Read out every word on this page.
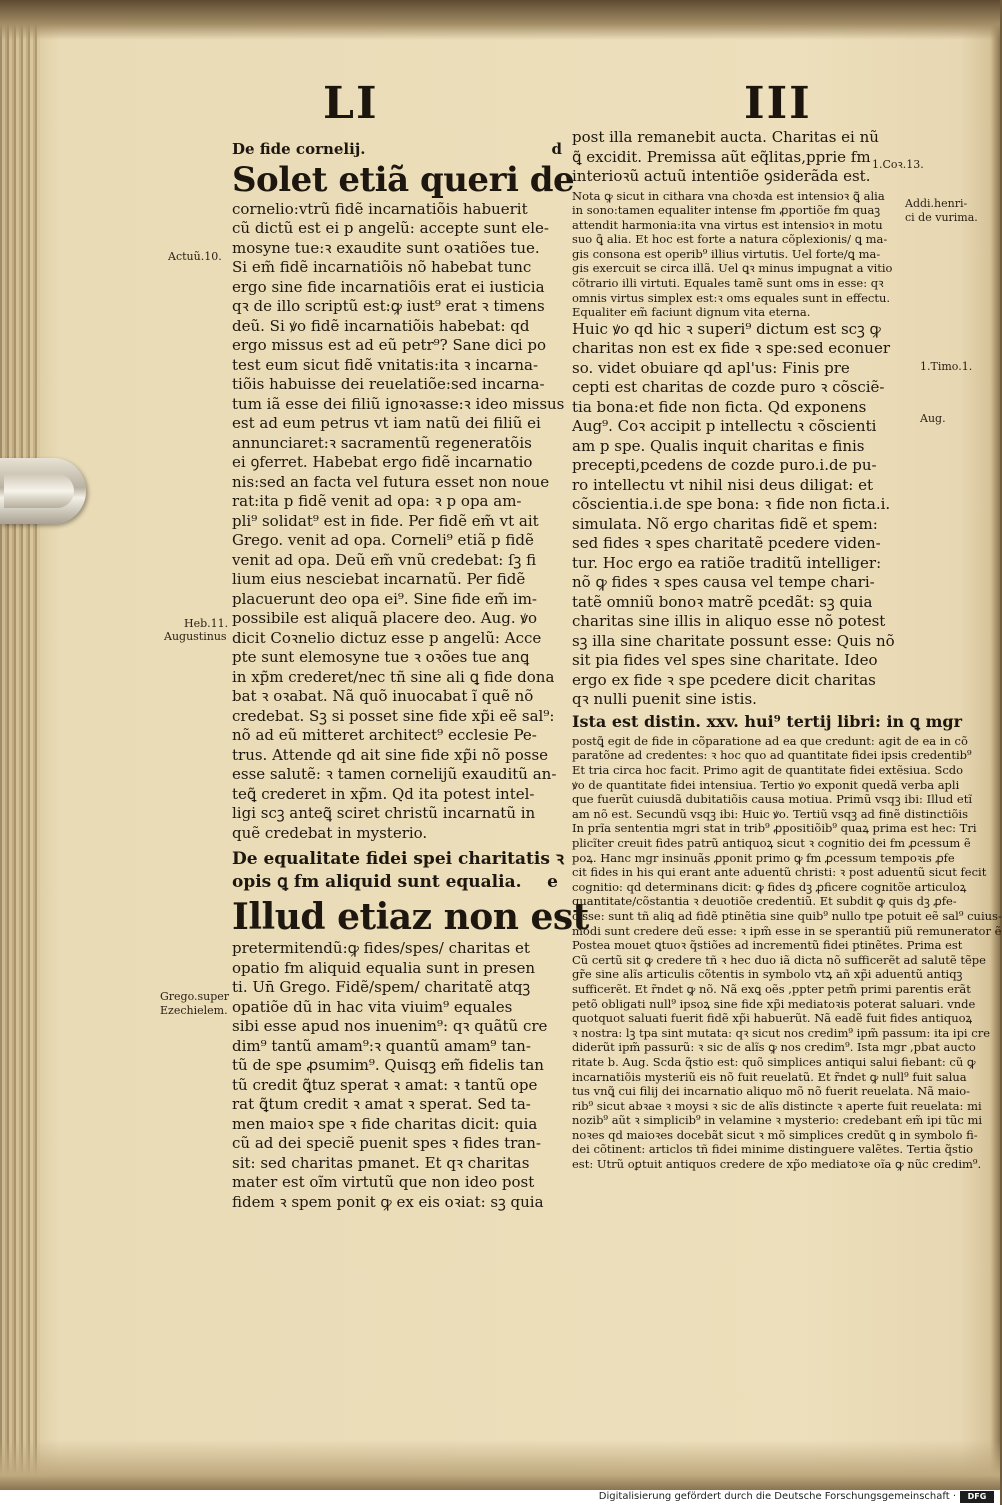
LI	III
De fide cornelij.	d
Solet etiã queri de
cornelio:vtrũ fidẽ incarnatiõis habuerit
cũ dictũ est ei p angelũ: accepte sunt ele-
mosyne tue:ꝛ exaudite sunt oꝛatiões tue.
Si em̃ fidẽ incarnatiõis nõ habebat tunc
ergo sine fide incarnatiõis erat ei iusticia
qꝛ de illo scriptũ est:ꝙ iust⁹ erat ꝛ timens
deũ. Si ꝟo fidẽ incarnatiõis habebat: qd
ergo missus est ad eũ petr⁹? Sane dici po
test eum sicut fidẽ vnitatis:ita ꝛ incarna-
tiõis habuisse dei reuelatiõe:sed incarna-
tum iã esse dei filiũ ignoꝛasse:ꝛ ideo missus
est ad eum petrus vt iam natũ dei filiũ ei
annunciaret:ꝛ sacramentũ regeneratõis
ei ꝯferret. Habebat ergo fidẽ incarnatio
nis:sed an facta vel futura esset non noue
rat:ita p fidẽ venit ad opa: ꝛ p opa am-
pli⁹ solidat⁹ est in fide. Per fidẽ em̃ vt ait
Grego. venit ad opa. Corneli⁹ etiã p fidẽ
venit ad opa. Deũ em̃ vnũ credebat: ſꝫ fi
lium eius nesciebat incarnatũ. Per fidẽ
placuerunt deo opa ei⁹. Sine fide em̃ im-
possibile est aliquã placere deo. Aug. ꝟo
dicit Coꝛnelio dictuz esse p angelũ: Acce
pte sunt elemosyne tue ꝛ oꝛões tue anꝗ
in xp̃m crederet/nec tñ sine ali ꝗ fide dona
bat ꝛ oꝛabat. Nã quõ inuocabat ĩ quẽ nõ
credebat. Sꝫ si posset sine fide xp̃i eẽ sal⁹:
nõ ad eũ mitteret architect⁹ ecclesie Pe-
trus. Attende qd ait sine fide xp̃i nõ posse
esse salutẽ: ꝛ tamen cornelijũ exauditũ an-
teꝗ̃ crederet in xp̃m. Qd ita potest intel-
ligi scꝫ anteꝗ̃ sciret christũ incarnatũ in
quẽ credebat in mysterio.
De equalitate fidei spei charitatis ꝛ
opis ꝗ fm aliquid sunt equalia. e
Illud etiaz non est
pretermitendũ:ꝙ fides/spes/ charitas et
opatio fm aliquid equalia sunt in presen
ti. Un̄ Grego. Fidẽ/spem/ charitatẽ atqꝫ
opatiõe dũ in hac vita viuim⁹ equales
sibi esse apud nos inuenim⁹: qꝛ quãtũ cre
dim⁹ tantũ amam⁹:ꝛ quantũ amam⁹ tan-
tũ de spe ꝓsumim⁹. Quisqꝫ em̃ fidelis tan
tũ credit ꝗ̃tuz sperat ꝛ amat: ꝛ tantũ ope
rat ꝗ̃tum credit ꝛ amat ꝛ sperat. Sed ta-
men maioꝛ spe ꝛ fide charitas dicit: quia
cũ ad dei speciẽ puenit spes ꝛ fides tran-
sit: sed charitas pmanet. Et qꝛ charitas
mater est oĩm virtutũ que non ideo post
fidem ꝛ spem ponit ꝙ ex eis oꝛiat: sꝫ quia
post illa remanebit aucta. Charitas ei nũ
ꝗ̃ excidit. Premissa aũt eq̃litas,pprie fm
interioꝛũ actuũ intentiõe ꝯsiderãda est.
Nota ꝙ sicut in cithara vna choꝛda est intensioꝛ ꝗ̃ alia
in sono:tamen equaliter intense fm ꝓportiõe fm quaꝫ
attendit harmonia:ita vna virtus est intensioꝛ in motu
suo ꝗ̃ alia. Et hoc est forte a natura cõplexionis/ ꝗ ma-
gis consona est operib⁹ illius virtutis. Uel forte/ꝗ ma-
gis exercuit se circa illã. Uel ꝗꝛ minus impugnat a vitio
cõtrario illi virtuti. Equales tamẽ sunt oms in esse: qꝛ
omnis virtus simplex est:ꝛ oms equales sunt in effectu.
Equaliter em̃ faciunt dignum vita eterna.
Huic ꝟo qd hic ꝛ superi⁹ dictum est scꝫ ꝙ
charitas non est ex fide ꝛ spe:sed econuer
so. videt obuiare qd apl'us: Finis pre
cepti est charitas de cozde puro ꝛ cõsciẽ-
tia bona:et fide non ficta. Qd exponens
Aug⁹. Coꝛ accipit p intellectu ꝛ cõscienti
am p spe. Qualis inquit charitas e finis
precepti,pcedens de cozde puro.i.de pu-
ro intellectu vt nihil nisi deus diligat: et
cõscientia.i.de spe bona: ꝛ fide non ficta.i.
simulata. Nõ ergo charitas fidẽ et spem:
sed fides ꝛ spes charitatẽ pcedere viden-
tur. Hoc ergo ea ratiõe traditũ intelliger:
nõ ꝙ fides ꝛ spes causa vel tempe chari-
tatẽ omniũ bonoꝛ matrẽ pcedãt: sꝫ quia
charitas sine illis in aliquo esse nõ potest
sꝫ illa sine charitate possunt esse: Quis nõ
sit pia fides vel spes sine charitate. Ideo
ergo ex fide ꝛ spe pcedere dicit charitas
qꝛ nulli puenit sine istis.
Ista est distin. xxv. hui⁹ tertij libri: in ꝗ mgr
postꝗ̃ egit de fide in cõparatione ad ea que credunt: agit de ea in cõ
paratõne ad credentes: ꝛ hoc quo ad quantitate fidei ipsis credentib⁹
Et tria circa hoc facit. Primo agit de quantitate fidei extẽsiua. Scdo
ꝟo de quantitate fidei intensiua. Tertio ꝟo exponit quedã verba apli
que fuerũt cuiusdã dubitatiõis causa motiua. Primũ vsqꝫ ibi: Illud etĩ
am nõ est. Secundũ vsqꝫ ibi: Huic ꝟo. Tertiũ vsqꝫ ad finẽ distinctiõis
In prĩa sententia mgri stat in trib⁹ ꝓpositiõib⁹ quaꝝ prima est hec: Tri
plicĩter creuit fides patrũ antiquoꝝ sicut ꝛ cognitio dei fm ꝓcessum ẽ
poꝝ. Hanc mgr insinuãs ꝓponit primo ꝙ fm ꝓcessum tempoꝛis ꝓfe
cit fides in his qui erant ante aduentũ christi: ꝛ post aduentũ sicut fecit
cognitio: qd determinans dicit: ꝙ fides dꝫ ꝓficere cognitõe articuloꝝ
quantitate/cõstantia ꝛ deuotiõe credentiũ. Et subdit ꝙ quis dꝫ ꝓfe-
cisse: sunt tñ aliꝗ ad fidẽ ptinẽtia sine quib⁹ nullo tpe potuit eẽ sal⁹ cuius-
modi sunt credere deũ esse: ꝛ ipm̃ esse in se sperantiũ piũ remunerator ẽ
Postea mouet ꝗtuoꝛ q̃stiões ad incrementũ fidei ptinẽtes. Prima est
Cũ certũ sit ꝙ credere tñ ꝛ hec duo iã dicta nõ sufficerẽt ad salutẽ tẽpe
gr̃e sine alĩs articulis cõtentis in symbolo vtꝝ añ xp̃i aduentũ antiqꝫ
sufficerẽt. Et r̃ndet ꝙ nõ. Nã exꝗ oẽs ,ppter petm̃ primi parentis erãt
petõ obligati null⁹ ipsoꝝ sine fide xp̃i mediatoꝛis poterat saluari. vnde
quotquot saluati fuerit fidẽ xp̃i habuerũt. Nã eadẽ fuit fides antiquoꝝ
ꝛ nostra: lꝫ tpa sint mutata: qꝛ sicut nos credim⁹ ipm̃ passum: ita ipi cre
diderũt ipm̃ passurũ: ꝛ sic de alĩs ꝙ nos credim⁹. Ista mgr ,pbat aucto
ritate b. Aug. Scda q̃stio est: quõ simplices antiqui salui fiebant: cũ ꝙ
incarnatiõis mysteriũ eis nõ fuit reuelatũ. Et r̃ndet ꝙ null⁹ fuit salua
tus vnꝗ̃ cui filij dei incarnatio aliquo mõ nõ fuerit reuelata. Nã maio-
rib⁹ sicut abꝛae ꝛ moysi ꝛ sic de alĩs distincte ꝛ aperte fuit reuelata: mi
nozib⁹ aũt ꝛ simplicib⁹ in velamine ꝛ mysterio: credebant em̃ ipi tũc mi
noꝛes qd maioꝛes docebãt sicut ꝛ mõ simplices credũt ꝗ in symbolo fi-
dei cõtinent: articlos tñ fidei minime distinguere valẽtes. Tertia q̃stio
est: Utrũ oꝑtuit antiquos credere de xp̃o mediatoꝛe oĩa ꝙ nũc credim⁹.
Actuũ.10.
1.Coꝛ.13.
Addi.henri-
ci de vurima.
1.Timo.1.
Aug.
Heb.11.
Augustinus
Grego.super
Ezechielem.
Digitalisierung gefördert durch die Deutsche Forschungsgemeinschaft ·	DFG
